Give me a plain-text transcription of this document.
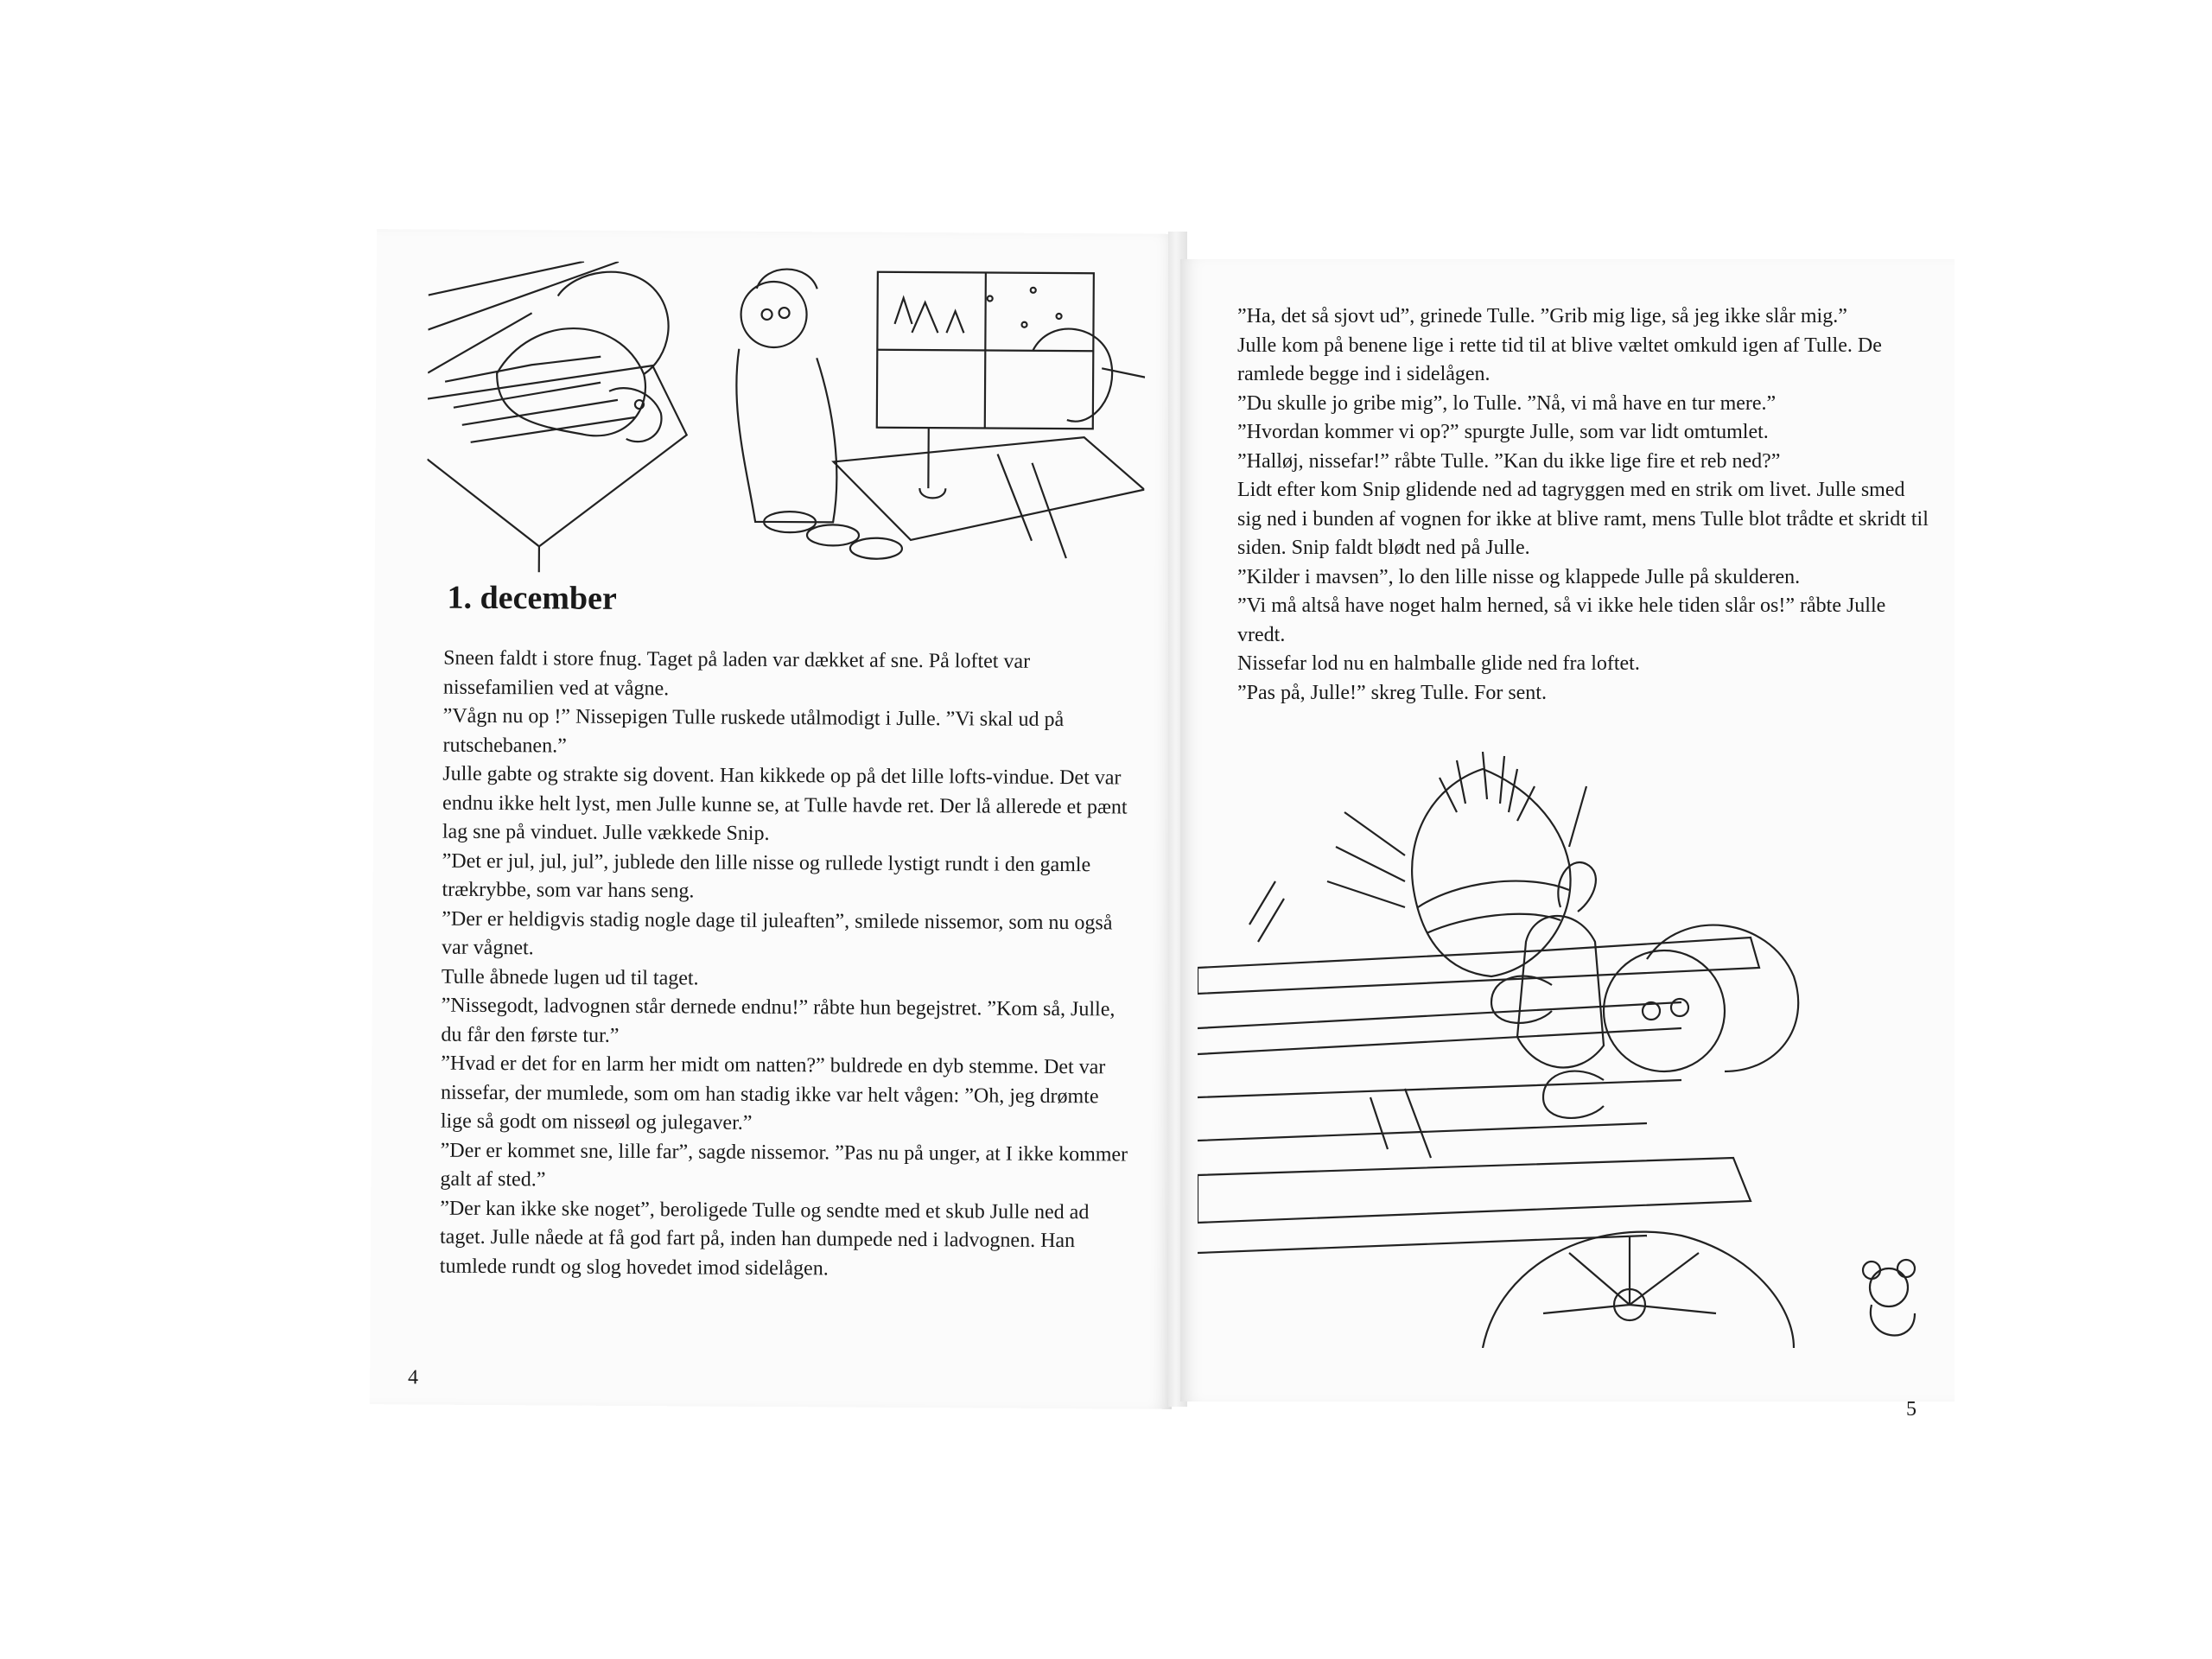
1. december

Sneen faldt i store fnug. Taget på laden var dækket af sne. På loftet var nissefamilien ved at vågne.

”Vågn nu op !” Nissepigen Tulle ruskede utålmodigt i Julle. ”Vi skal ud på rutschebanen.”

Julle gabte og strakte sig dovent. Han kikkede op på det lille lofts-vindue. Det var endnu ikke helt lyst, men Julle kunne se, at Tulle havde ret. Der lå allerede et pænt lag sne på vinduet. Julle vækkede Snip.

”Det er jul, jul, jul”, jublede den lille nisse og rullede lystigt rundt i den gamle trækrybbe, som var hans seng.

”Der er heldigvis stadig nogle dage til juleaften”, smilede nissemor, som nu også var vågnet.

Tulle åbnede lugen ud til taget.

”Nissegodt, ladvognen står dernede endnu!” råbte hun begejstret. ”Kom så, Julle, du får den første tur.”

”Hvad er det for en larm her midt om natten?” buldrede en dyb stemme. Det var nissefar, der mumlede, som om han stadig ikke var helt vågen: ”Oh, jeg drømte lige så godt om nisseøl og julegaver.”

”Der er kommet sne, lille far”, sagde nissemor. ”Pas nu på unger, at I ikke kommer galt af sted.”

”Der kan ikke ske noget”, beroligede Tulle og sendte med et skub Julle ned ad taget. Julle nåede at få god fart på, inden han dumpede ned i ladvognen. Han tumlede rundt og slog hovedet imod sidelågen.

4

”Ha, det så sjovt ud”, grinede Tulle. ”Grib mig lige, så jeg ikke slår mig.”

Julle kom på benene lige i rette tid til at blive væltet omkuld igen af Tulle. De ramlede begge ind i sidelågen.

”Du skulle jo gribe mig”, lo Tulle. ”Nå, vi må have en tur mere.”

”Hvordan kommer vi op?” spurgte Julle, som var lidt omtumlet.

”Halløj, nissefar!” råbte Tulle. ”Kan du ikke lige fire et reb ned?”

Lidt efter kom Snip glidende ned ad tagryggen med en strik om livet. Julle smed sig ned i bunden af vognen for ikke at blive ramt, mens Tulle blot trådte et skridt til siden. Snip faldt blødt ned på Julle.

”Kilder i mavsen”, lo den lille nisse og klappede Julle på skulderen.

”Vi må altså have noget halm herned, så vi ikke hele tiden slår os!” råbte Julle vredt.

Nissefar lod nu en halmballe glide ned fra loftet.

”Pas på, Julle!” skreg Tulle. For sent.

5
